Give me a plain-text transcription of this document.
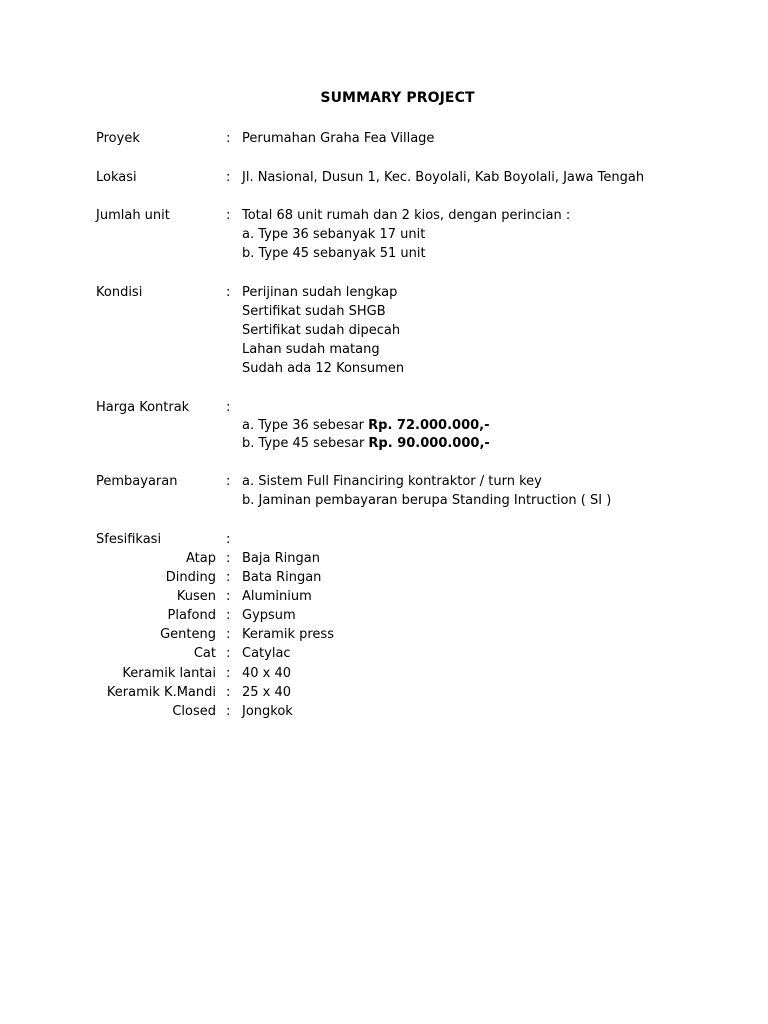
SUMMARY PROJECT
Proyek	: Perumahan Graha Fea Village
Lokasi	: Jl. Nasional, Dusun 1, Kec. Boyolali, Kab Boyolali, Jawa Tengah
Jumlah unit	: Total 68 unit rumah dan 2 kios, dengan perincian :
a. Type 36 sebanyak 17 unit
b. Type 45 sebanyak 51 unit
Kondisi	: Perijinan sudah lengkap
Sertifikat sudah SHGB
Sertifikat sudah dipecah
Lahan sudah matang
Sudah ada 12 Konsumen
Harga Kontrak	:
a. Type 36 sebesar Rp. 72.000.000,-
b. Type 45 sebesar Rp. 90.000.000,-
Pembayaran	: a. Sistem Full Financiring kontraktor / turn key
b. Jaminan pembayaran berupa Standing Intruction ( SI )
Sfesifikasi	:
Atap : Baja Ringan
Dinding : Bata Ringan
Kusen : Aluminium
Plafond : Gypsum
Genteng : Keramik press
Cat : Catylac
Keramik lantai : 40 x 40
Keramik K.Mandi : 25 x 40
Closed : Jongkok
